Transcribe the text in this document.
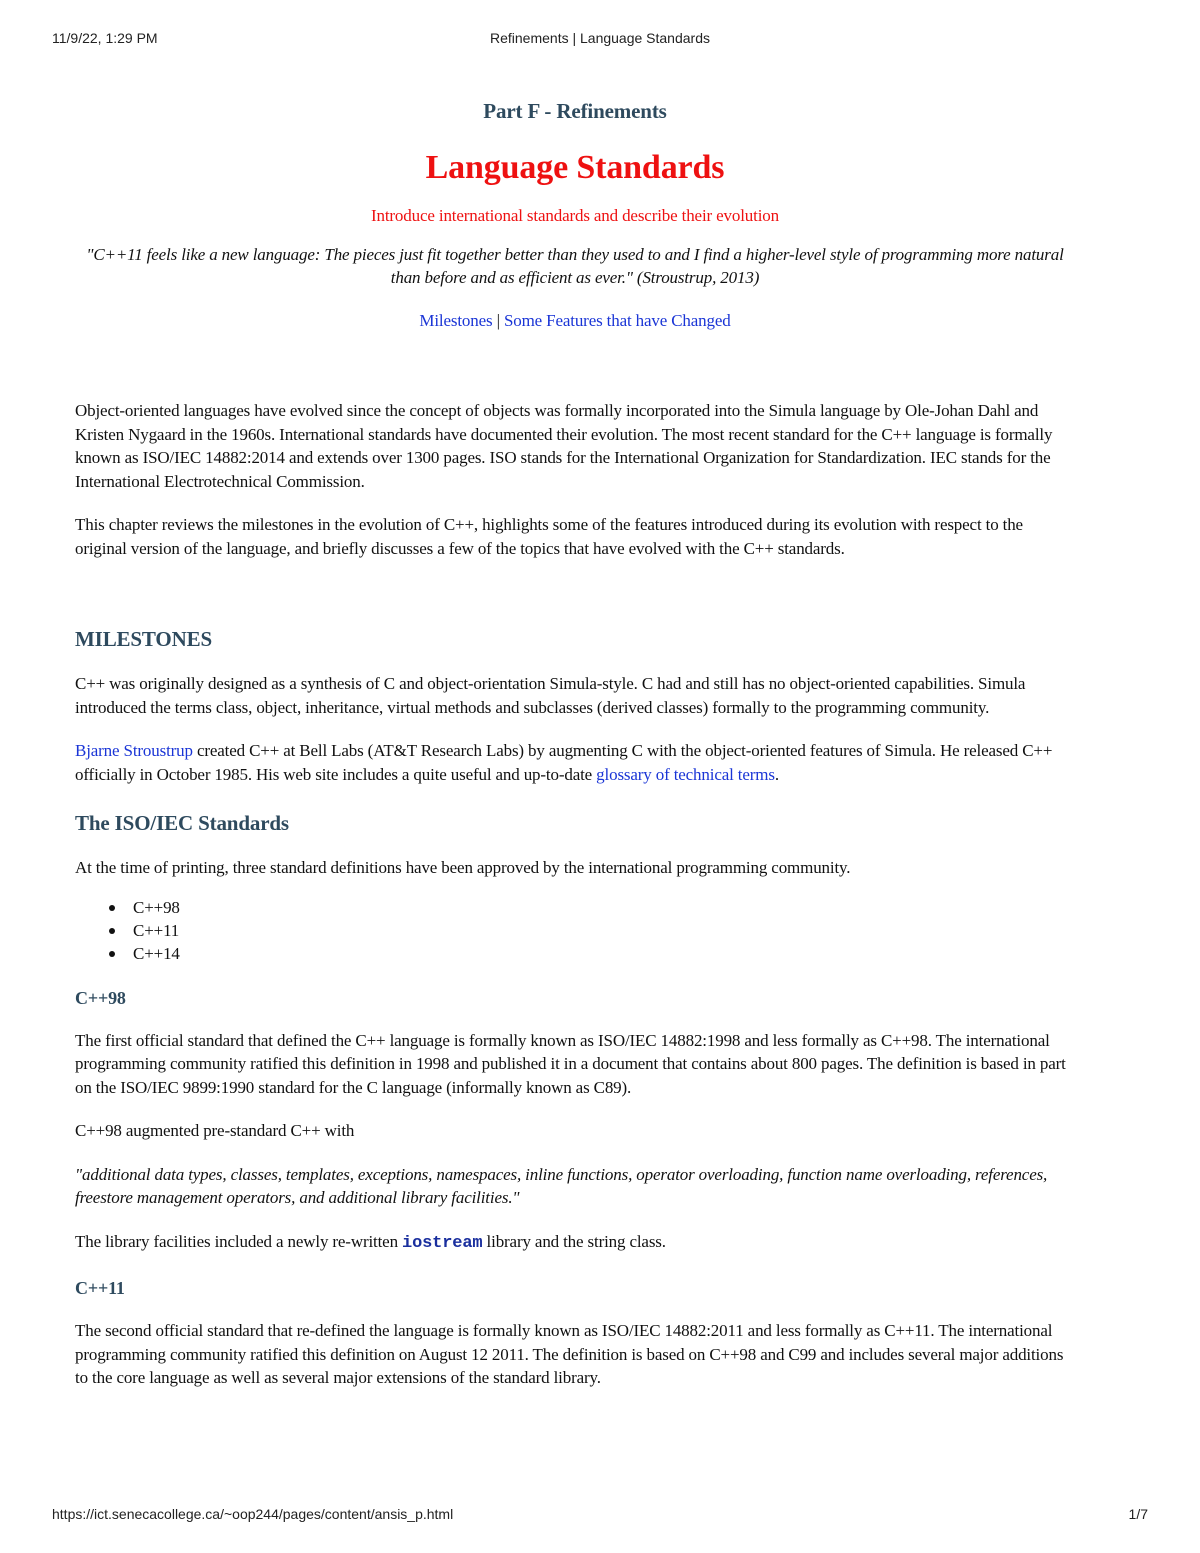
11/9/22, 1:29 PM	Refinements | Language Standards
Part F - Refinements
Language Standards

Introduce international standards and describe their evolution

"C++11 feels like a new language: The pieces just fit together better than they used to and I find a higher-level style of programming more natural than before and as efficient as ever." (Stroustrup, 2013)

Milestones | Some Features that have Changed

Object-oriented languages have evolved since the concept of objects was formally incorporated into the Simula language by Ole-Johan Dahl and Kristen Nygaard in the 1960s. International standards have documented their evolution. The most recent standard for the C++ language is formally known as ISO/IEC 14882:2014 and extends over 1300 pages. ISO stands for the International Organization for Standardization. IEC stands for the International Electrotechnical Commission.

This chapter reviews the milestones in the evolution of C++, highlights some of the features introduced during its evolution with respect to the original version of the language, and briefly discusses a few of the topics that have evolved with the C++ standards.

MILESTONES

C++ was originally designed as a synthesis of C and object-orientation Simula-style. C had and still has no object-oriented capabilities. Simula introduced the terms class, object, inheritance, virtual methods and subclasses (derived classes) formally to the programming community.

Bjarne Stroustrup created C++ at Bell Labs (AT&T Research Labs) by augmenting C with the object-oriented features of Simula. He released C++ officially in October 1985. His web site includes a quite useful and up-to-date glossary of technical terms.

The ISO/IEC Standards

At the time of printing, three standard definitions have been approved by the international programming community.

C++98
C++11
C++14
C++98

The first official standard that defined the C++ language is formally known as ISO/IEC 14882:1998 and less formally as C++98. The international programming community ratified this definition in 1998 and published it in a document that contains about 800 pages. The definition is based in part on the ISO/IEC 9899:1990 standard for the C language (informally known as C89).

C++98 augmented pre-standard C++ with

"additional data types, classes, templates, exceptions, namespaces, inline functions, operator overloading, function name overloading, references, freestore management operators, and additional library facilities."

The library facilities included a newly re-written iostream library and the string class.

C++11

The second official standard that re-defined the language is formally known as ISO/IEC 14882:2011 and less formally as C++11. The international programming community ratified this definition on August 12 2011. The definition is based on C++98 and C99 and includes several major additions to the core language as well as several major extensions of the standard library.

https://ict.senecacollege.ca/~oop244/pages/content/ansis_p.html	1/7
